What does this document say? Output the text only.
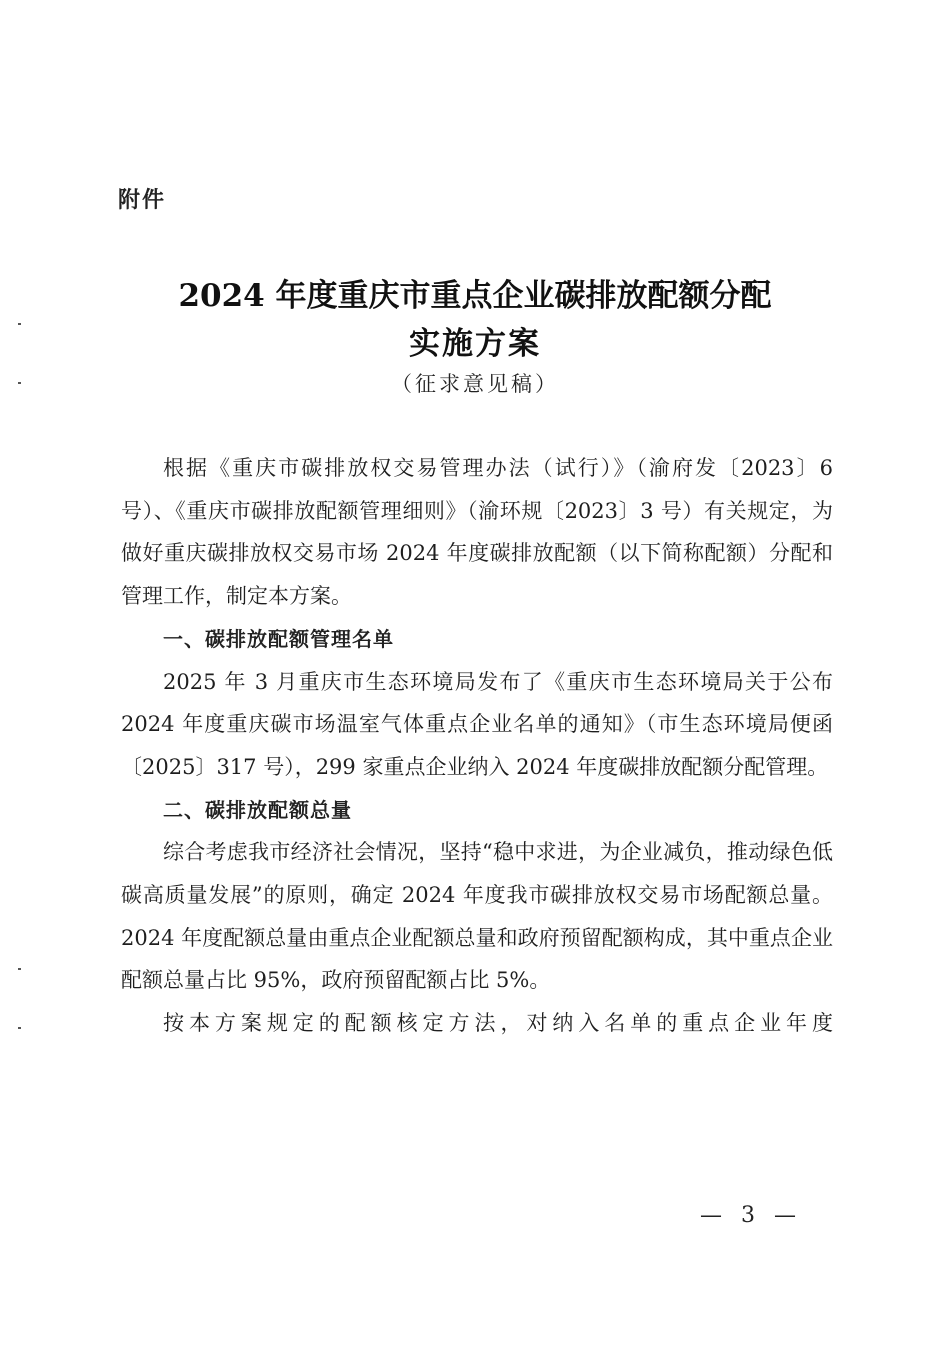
附件
2024 年度重庆市重点企业碳排放配额分配
实施方案
（征求意见稿）

根据《重庆市碳排放权交易管理办法（试行）》（渝府发〔2023〕6 号）、《重庆市碳排放配额管理细则》（渝环规〔2023〕3 号）有关规定，为做好重庆碳排放权交易市场 2024 年度碳排放配额（以下简称配额）分配和管理工作，制定本方案。

一、碳排放配额管理名单

2025 年 3 月重庆市生态环境局发布了《重庆市生态环境局关于公布 2024 年度重庆碳市场温室气体重点企业名单的通知》（市生态环境局便函〔2025〕317 号），299 家重点企业纳入 2024 年度碳排放配额分配管理。

二、碳排放配额总量

综合考虑我市经济社会情况，坚持“稳中求进，为企业减负，推动绿色低碳高质量发展”的原则，确定 2024 年度我市碳排放权交易市场配额总量。2024 年度配额总量由重点企业配额总量和政府预留配额构成，其中重点企业配额总量占比 95%，政府预留配额占比 5%。

按本方案规定的配额核定方法，对纳入名单的重点企业年度

— 3 —
